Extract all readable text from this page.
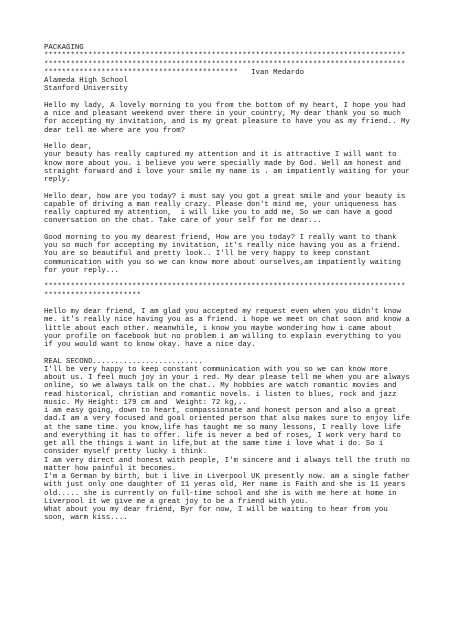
PACKAGING
**********************************************************************************
**********************************************************************************
********************************************   Ivan Medardo
Alameda High School
Stanford University
Hello my lady, A lovely morning to you from the bottom of my heart, I hope you had
a nice and pleasant weekend over there in your country, My dear thank you so much
for accepting my invitation, and is my great pleasure to have you as my friend.. My
dear tell me where are you from?
Hello dear,
your beauty has really captured my attention and it is attractive I will want to
know more about you. i believe you were specially made by God. Well am honest and
straight forward and i love your smile my name is . am impatiently waiting for your
reply.
Hello dear, how are you today? i must say you got a great smile and your beauty is
capable of driving a man really crazy. Please don't mind me, your uniqueness has
really captured my attention,  i will like you to add me, So we can have a good
conversation on the chat. Take care of your self for me dear...
Good morning to you my dearest friend, How are you today? I really want to thank
you so much for accepting my invitation, it's really nice having you as a friend.
You are so beautiful and pretty look.. I'll be very happy to keep constant
communication with you so we can know more about ourselves,am impatiently waiting
for your reply...
**********************************************************************************
**********************
Hello my dear friend, I am glad you accepted my request even when you didn't know
me. it's really nice having you as a friend. i hope we meet on chat soon and know a
little about each other. meanwhile, i know you maybe wondering how i came about
your profile on facebook but no problem i am willing to explain everything to you
if you would want to know okay. have a nice day.
REAL SECOND.........................
I'll be very happy to keep constant communication with you so we can know more
about us. I feel much joy in your i red. My dear please tell me when you are always
online, so we always talk on the chat.. My hobbies are watch romantic movies and
read historical, christian and romantic novels. i listen to blues, rock and jazz
music. My Height: 179 cm and  Weight: 72 kg,..
i am easy going, down to heart, compassionate and honest person and also a great
dad.I am a very focused and goal oriented person that also makes sure to enjoy life
at the same time. you know,life has taught me so many lessons, I really love life
and everything it has to offer. life is never a bed of roses, I work very hard to
get all the things i want in life,but at the same time i love what i do. So i
consider myself pretty lucky i think.
I am very direct and honest with people, I'm sincere and i always tell the truth no
matter how painful it becomes.
I'm a German by birth, but i live in Liverpool UK presently now. am a single father
with just only one daughter of 11 yeras old, Her name is Faith and she is 11 years
old..... she is currently on full-time school and she is with me here at home in
Liverpool it we give me a great joy to be a friend with you.
What about you my dear friend, Byr for now, I will be waiting to hear from you
soon, warm kiss....
